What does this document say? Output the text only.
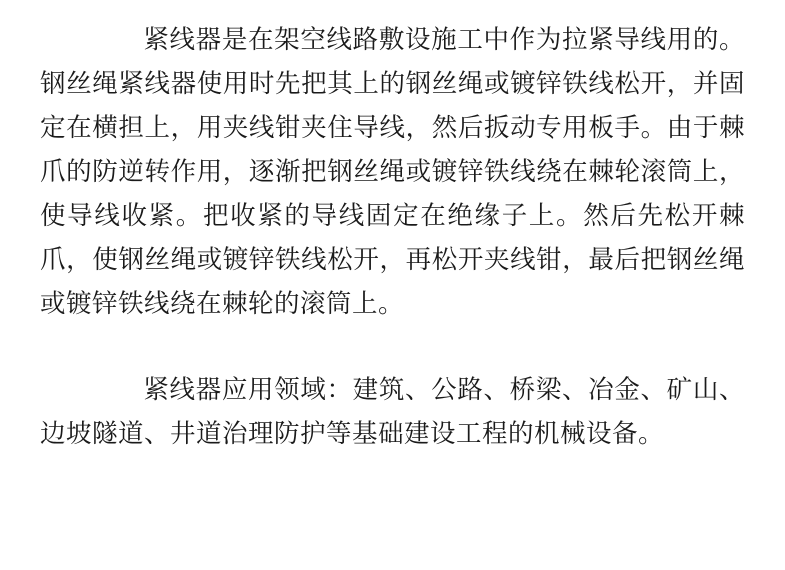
　　紧线器是在架空线路敷设施工中作为拉紧导线用的。钢丝绳紧线器使用时先把其上的钢丝绳或镀锌铁线松开，并固定在横担上，用夹线钳夹住导线，然后扳动专用板手。由于棘爪的防逆转作用，逐渐把钢丝绳或镀锌铁线绕在棘轮滚筒上，使导线收紧。把收紧的导线固定在绝缘子上。然后先松开棘爪，使钢丝绳或镀锌铁线松开，再松开夹线钳，最后把钢丝绳或镀锌铁线绕在棘轮的滚筒上。

　　紧线器应用领域：建筑、公路、桥梁、冶金、矿山、边坡隧道、井道治理防护等基础建设工程的机械设备。
